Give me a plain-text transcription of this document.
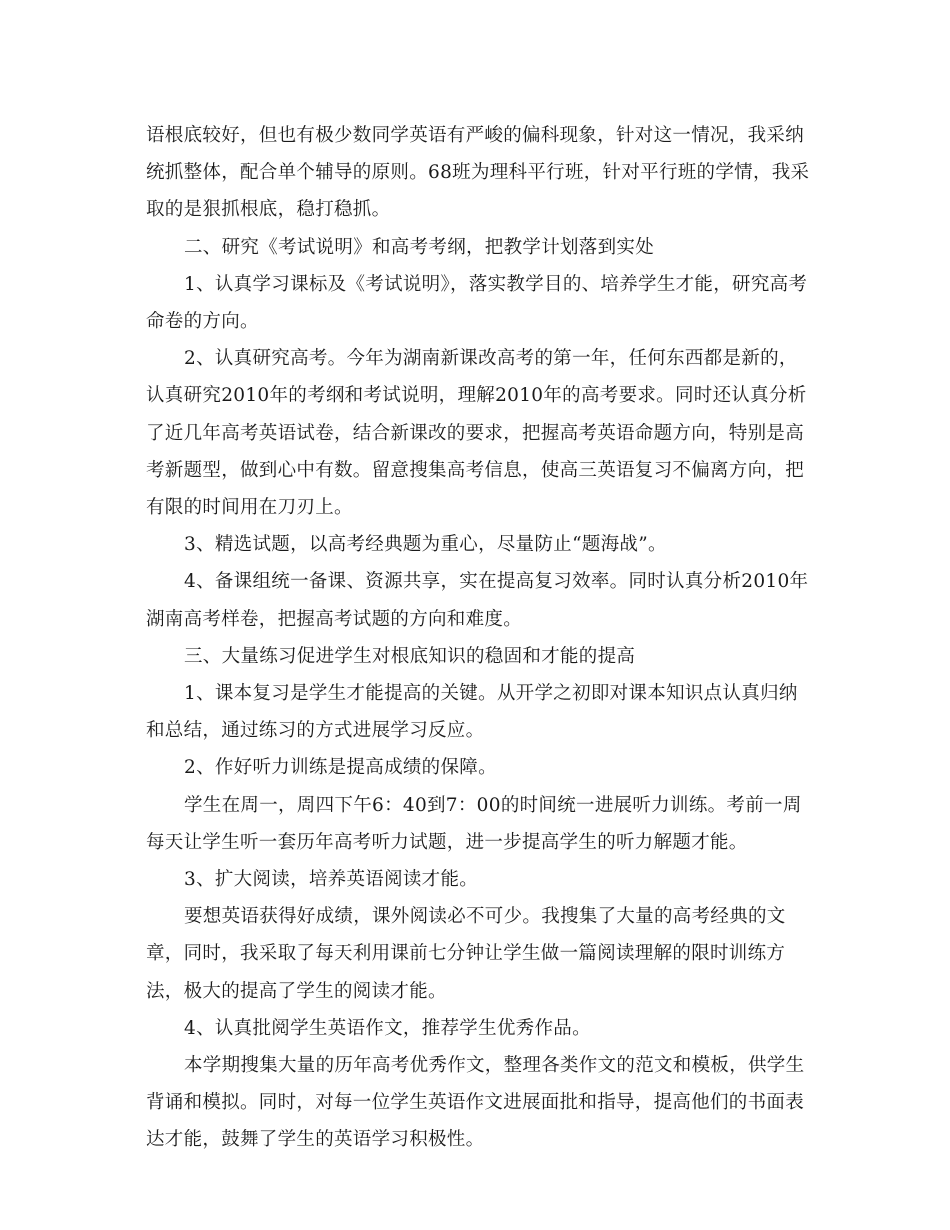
语根底较好，但也有极少数同学英语有严峻的偏科现象，针对这一情况，我采纳统抓整体，配合单个辅导的原则。68班为理科平行班，针对平行班的学情，我采取的是狠抓根底，稳打稳抓。

二、研究《考试说明》和高考考纲，把教学计划落到实处

1、认真学习课标及《考试说明》，落实教学目的、培养学生才能，研究高考命卷的方向。

2、认真研究高考。今年为湖南新课改高考的第一年，任何东西都是新的，认真研究2010年的考纲和考试说明，理解2010年的高考要求。同时还认真分析了近几年高考英语试卷，结合新课改的要求，把握高考英语命题方向，特别是高考新题型，做到心中有数。留意搜集高考信息，使高三英语复习不偏离方向，把有限的时间用在刀刃上。

3、精选试题，以高考经典题为重心，尽量防止“题海战”。

4、备课组统一备课、资源共享，实在提高复习效率。同时认真分析2010年湖南高考样卷，把握高考试题的方向和难度。

三、大量练习促进学生对根底知识的稳固和才能的提高

1、课本复习是学生才能提高的关键。从开学之初即对课本知识点认真归纳和总结，通过练习的方式进展学习反应。

2、作好听力训练是提高成绩的保障。

学生在周一，周四下午6：40到7：00的时间统一进展听力训练。考前一周每天让学生听一套历年高考听力试题，进一步提高学生的听力解题才能。

3、扩大阅读，培养英语阅读才能。

要想英语获得好成绩，课外阅读必不可少。我搜集了大量的高考经典的文章，同时，我采取了每天利用课前七分钟让学生做一篇阅读理解的限时训练方法，极大的提高了学生的阅读才能。

4、认真批阅学生英语作文，推荐学生优秀作品。

本学期搜集大量的历年高考优秀作文，整理各类作文的范文和模板，供学生背诵和模拟。同时，对每一位学生英语作文进展面批和指导，提高他们的书面表达才能，鼓舞了学生的英语学习积极性。
